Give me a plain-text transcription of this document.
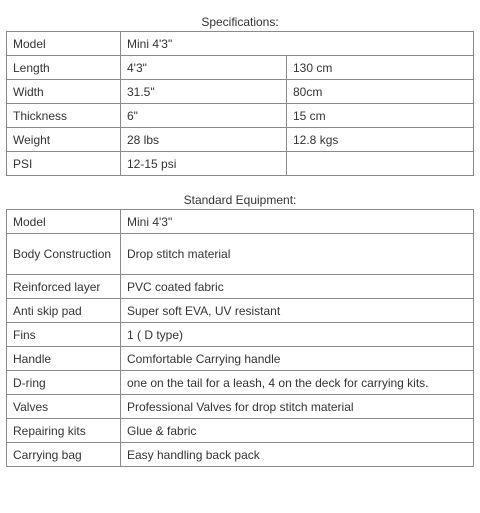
Specifications:

Model	Mini 4'3"	
Length	4'3"	130 cm
Width	31.5"	80cm
Thickness	6"	15 cm
Weight	28 lbs	12.8 kgs
PSI	12-15 psi	

Standard Equipment:

Model	Mini 4'3"
Body Construction	Drop stitch material
Reinforced layer	PVC coated fabric
Anti skip pad	Super soft EVA, UV resistant
Fins	1 ( D type)
Handle	Comfortable Carrying handle
D-ring	one on the tail for a leash, 4 on the deck for carrying kits.
Valves	Professional Valves for drop stitch material
Repairing kits	Glue & fabric
Carrying bag	Easy handling back pack
